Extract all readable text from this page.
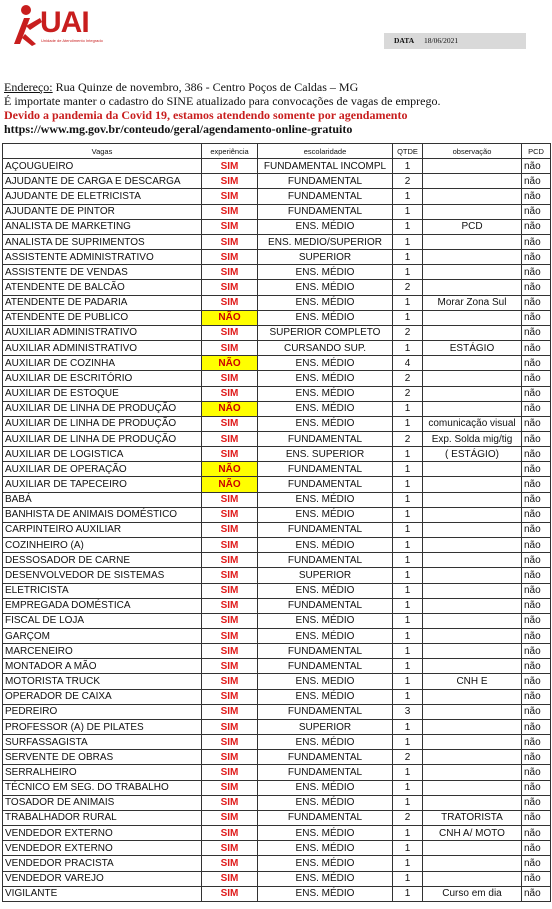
UAI
Unidade de Atendimento Integrado	DATA 18/06/2021
Endereço: Rua Quinze de novembro, 386 - Centro Poços de Caldas – MG
É importate manter o cadastro do SINE atualizado para convocações de vagas de emprego.
Devido a pandemia da Covid 19, estamos atendendo somente por agendamento
https://www.mg.gov.br/conteudo/geral/agendamento-online-gratuito
Vagas	experiência	escolaridade	QTDE	observação	PCD
AÇOUGUEIRO	SIM	FUNDAMENTAL INCOMPL	1		não
AJUDANTE DE CARGA E DESCARGA	SIM	FUNDAMENTAL	2		não
AJUDANTE DE ELETRICISTA	SIM	FUNDAMENTAL	1		não
AJUDANTE DE PINTOR	SIM	FUNDAMENTAL	1		não
ANALISTA DE MARKETING	SIM	ENS. MÉDIO	1	PCD	não
ANALISTA DE SUPRIMENTOS	SIM	ENS. MEDIO/SUPERIOR	1		não
ASSISTENTE ADMINISTRATIVO	SIM	SUPERIOR	1		não
ASSISTENTE DE VENDAS	SIM	ENS. MÉDIO	1		não
ATENDENTE DE BALCÃO	SIM	ENS. MÉDIO	2		não
ATENDENTE DE PADARIA	SIM	ENS. MÉDIO	1	Morar Zona Sul	não
ATENDENTE DE PUBLICO	NÃO	ENS. MÉDIO	1		não
AUXILIAR ADMINISTRATIVO	SIM	SUPERIOR COMPLETO	2		não
AUXILIAR ADMINISTRATIVO	SIM	CURSANDO SUP.	1	ESTÁGIO	não
AUXILIAR DE COZINHA	NÃO	ENS. MÉDIO	4		não
AUXILIAR DE ESCRITÓRIO	SIM	ENS. MÉDIO	2		não
AUXILIAR DE ESTOQUE	SIM	ENS. MÉDIO	2		não
AUXILIAR DE LINHA DE PRODUÇÃO	NÃO	ENS. MÉDIO	1		não
AUXILIAR DE LINHA DE PRODUÇÃO	SIM	ENS. MÉDIO	1	comunicação visual	não
AUXILIAR DE LINHA DE PRODUÇÃO	SIM	FUNDAMENTAL	2	Exp. Solda mig/tig	não
AUXILIAR DE LOGISTICA	SIM	ENS. SUPERIOR	1	( ESTÁGIO)	não
AUXILIAR DE OPERAÇÃO	NÃO	FUNDAMENTAL	1		não
AUXILIAR DE TAPECEIRO	NÃO	FUNDAMENTAL	1		não
BABÁ	SIM	ENS. MÉDIO	1		não
BANHISTA DE ANIMAIS DOMÉSTICO	SIM	ENS. MÉDIO	1		não
CARPINTEIRO AUXILIAR	SIM	FUNDAMENTAL	1		não
COZINHEIRO (A)	SIM	ENS. MÉDIO	1		não
DESSOSADOR DE CARNE	SIM	FUNDAMENTAL	1		não
DESENVOLVEDOR DE SISTEMAS	SIM	SUPERIOR	1		não
ELETRICISTA	SIM	ENS. MÉDIO	1		não
EMPREGADA DOMÉSTICA	SIM	FUNDAMENTAL	1		não
FISCAL DE LOJA	SIM	ENS. MÉDIO	1		não
GARÇOM	SIM	ENS. MÉDIO	1		não
MARCENEIRO	SIM	FUNDAMENTAL	1		não
MONTADOR A MÃO	SIM	FUNDAMENTAL	1		não
MOTORISTA TRUCK	SIM	ENS. MEDIO	1	CNH E	não
OPERADOR DE CAIXA	SIM	ENS. MÉDIO	1		não
PEDREIRO	SIM	FUNDAMENTAL	3		não
PROFESSOR (A) DE PILATES	SIM	SUPERIOR	1		não
SURFASSAGISTA	SIM	ENS. MÉDIO	1		não
SERVENTE DE OBRAS	SIM	FUNDAMENTAL	2		não
SERRALHEIRO	SIM	FUNDAMENTAL	1		não
TÉCNICO EM SEG. DO TRABALHO	SIM	ENS. MÉDIO	1		não
TOSADOR DE ANIMAIS	SIM	ENS. MÉDIO	1		não
TRABALHADOR RURAL	SIM	FUNDAMENTAL	2	TRATORISTA	não
VENDEDOR EXTERNO	SIM	ENS. MÉDIO	1	CNH A/ MOTO	não
VENDEDOR EXTERNO	SIM	ENS. MÉDIO	1		não
VENDEDOR PRACISTA	SIM	ENS. MÉDIO	1		não
VENDEDOR VAREJO	SIM	ENS. MÉDIO	1		não
VIGILANTE	SIM	ENS. MÉDIO	1	Curso em dia	não
